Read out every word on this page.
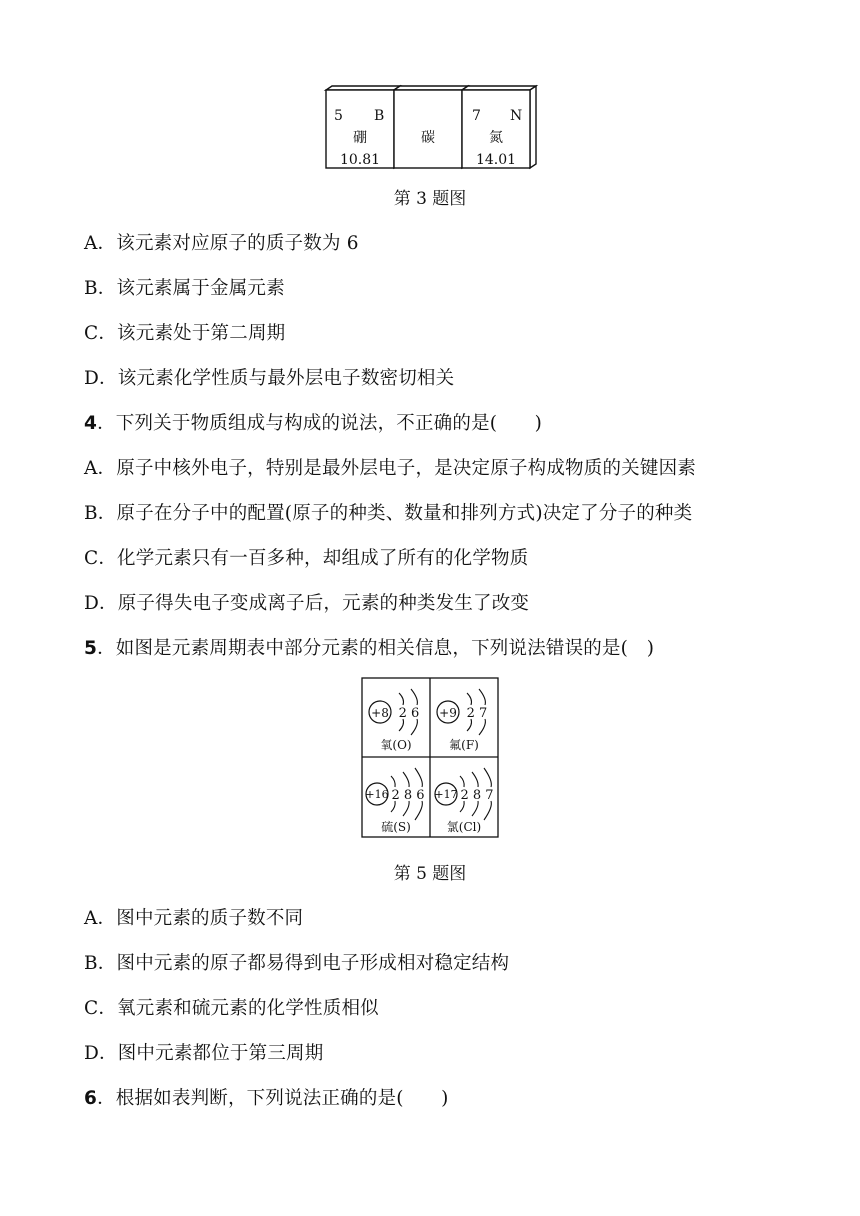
5 B
硼
10.81
碳
7 N
氮
14.01
第 3 题图
A．该元素对应原子的质子数为 6
B．该元素属于金属元素
C．该元素处于第二周期
D．该元素化学性质与最外层电子数密切相关
4．下列关于物质组成与构成的说法，不正确的是(　　)
A．原子中核外电子，特别是最外层电子，是决定原子构成物质的关键因素
B．原子在分子中的配置(原子的种类、数量和排列方式)决定了分子的种类
C．化学元素只有一百多种，却组成了所有的化学物质
D．原子得失电子变成离子后，元素的种类发生了改变
5．如图是元素周期表中部分元素的相关信息，下列说法错误的是(　)
+8 2 6
氧(O)
+9 2 7
氟(F)
+16 2 8 6
硫(S)
+17 2 8 7
氯(Cl)
第 5 题图
A．图中元素的质子数不同
B．图中元素的原子都易得到电子形成相对稳定结构
C．氧元素和硫元素的化学性质相似
D．图中元素都位于第三周期
6．根据如表判断，下列说法正确的是(　　)
